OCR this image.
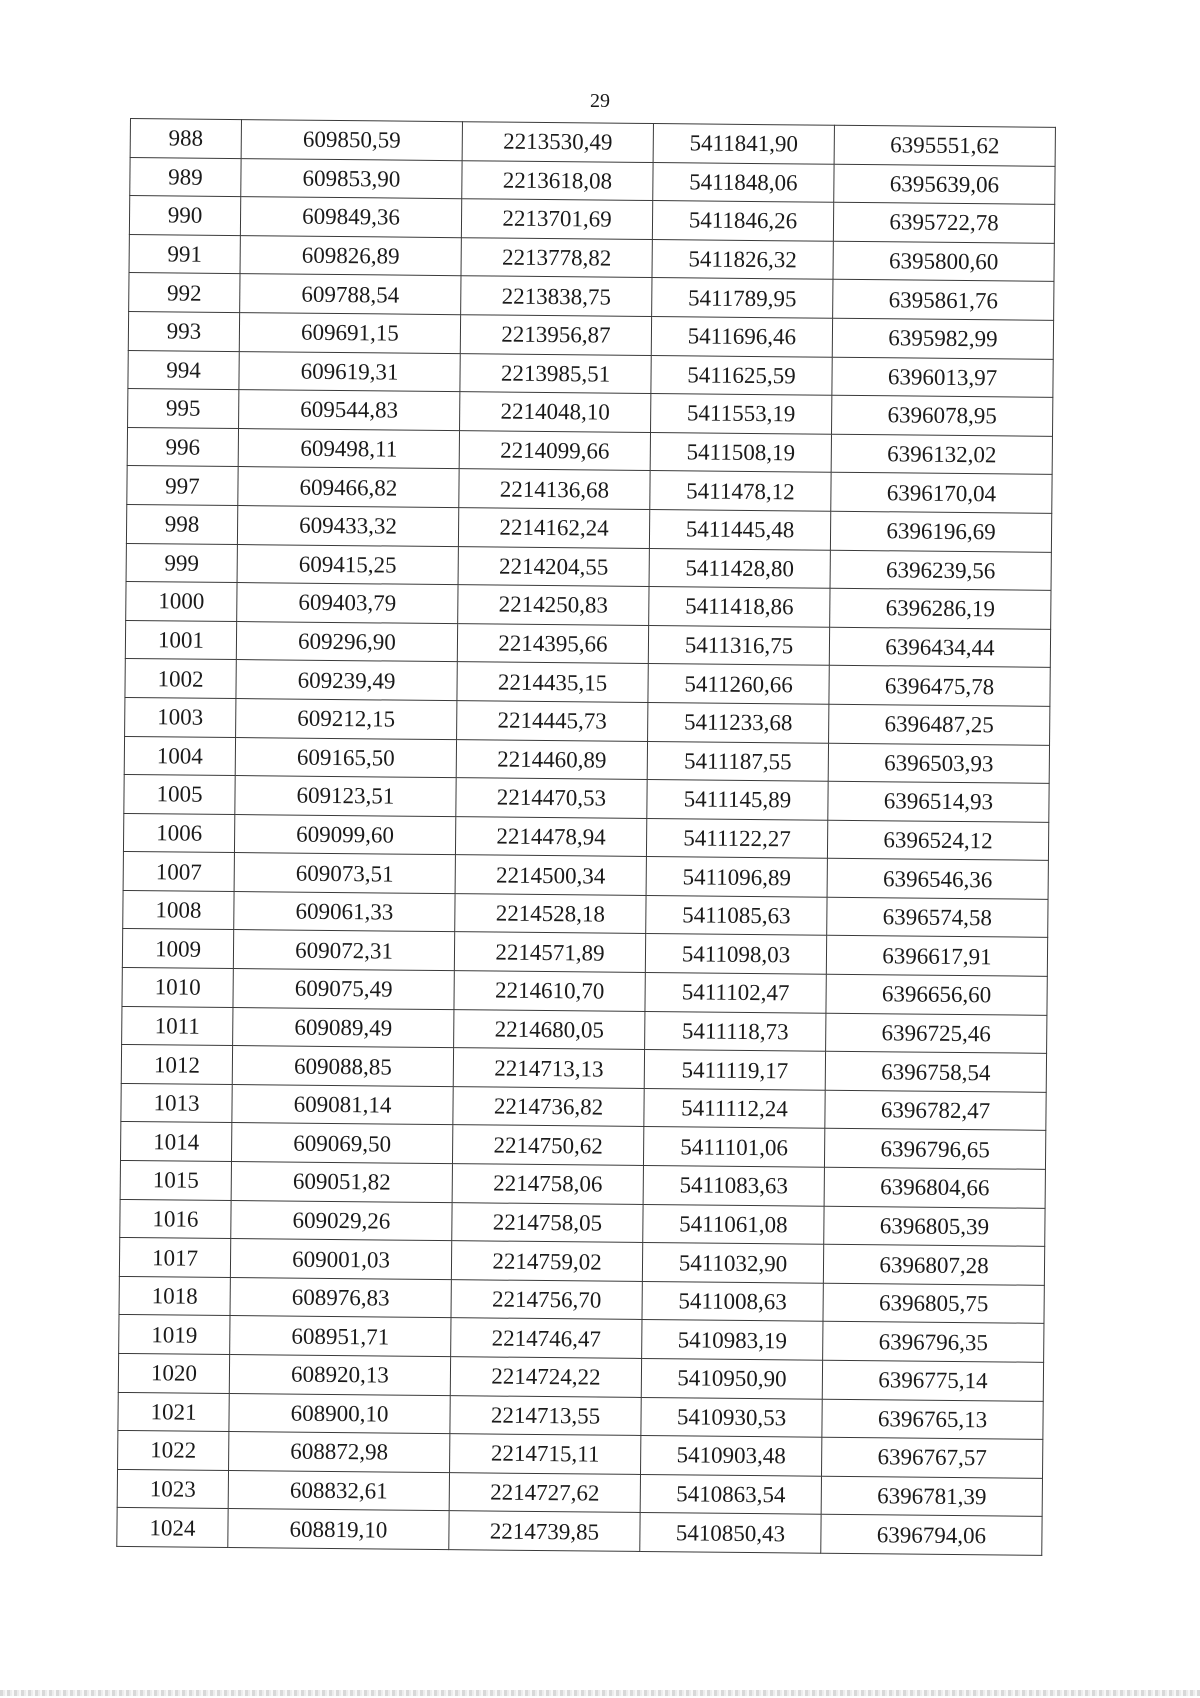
29
988	609850,59	2213530,49	5411841,90	6395551,62
989	609853,90	2213618,08	5411848,06	6395639,06
990	609849,36	2213701,69	5411846,26	6395722,78
991	609826,89	2213778,82	5411826,32	6395800,60
992	609788,54	2213838,75	5411789,95	6395861,76
993	609691,15	2213956,87	5411696,46	6395982,99
994	609619,31	2213985,51	5411625,59	6396013,97
995	609544,83	2214048,10	5411553,19	6396078,95
996	609498,11	2214099,66	5411508,19	6396132,02
997	609466,82	2214136,68	5411478,12	6396170,04
998	609433,32	2214162,24	5411445,48	6396196,69
999	609415,25	2214204,55	5411428,80	6396239,56
1000	609403,79	2214250,83	5411418,86	6396286,19
1001	609296,90	2214395,66	5411316,75	6396434,44
1002	609239,49	2214435,15	5411260,66	6396475,78
1003	609212,15	2214445,73	5411233,68	6396487,25
1004	609165,50	2214460,89	5411187,55	6396503,93
1005	609123,51	2214470,53	5411145,89	6396514,93
1006	609099,60	2214478,94	5411122,27	6396524,12
1007	609073,51	2214500,34	5411096,89	6396546,36
1008	609061,33	2214528,18	5411085,63	6396574,58
1009	609072,31	2214571,89	5411098,03	6396617,91
1010	609075,49	2214610,70	5411102,47	6396656,60
1011	609089,49	2214680,05	5411118,73	6396725,46
1012	609088,85	2214713,13	5411119,17	6396758,54
1013	609081,14	2214736,82	5411112,24	6396782,47
1014	609069,50	2214750,62	5411101,06	6396796,65
1015	609051,82	2214758,06	5411083,63	6396804,66
1016	609029,26	2214758,05	5411061,08	6396805,39
1017	609001,03	2214759,02	5411032,90	6396807,28
1018	608976,83	2214756,70	5411008,63	6396805,75
1019	608951,71	2214746,47	5410983,19	6396796,35
1020	608920,13	2214724,22	5410950,90	6396775,14
1021	608900,10	2214713,55	5410930,53	6396765,13
1022	608872,98	2214715,11	5410903,48	6396767,57
1023	608832,61	2214727,62	5410863,54	6396781,39
1024	608819,10	2214739,85	5410850,43	6396794,06
